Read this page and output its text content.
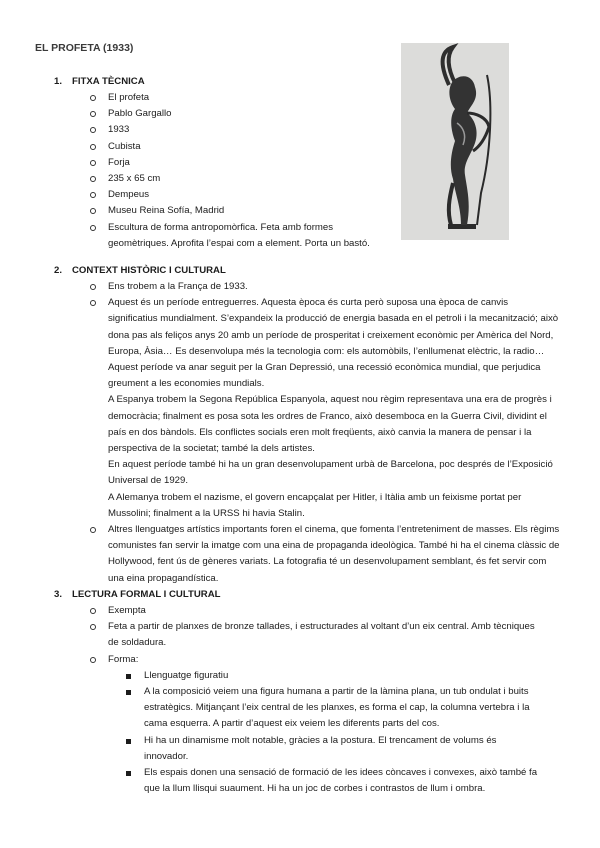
EL PROFETA (1933)
1. FITXA TÈCNICA
El profeta
Pablo Gargallo
1933
Cubista
Forja
235 x 65 cm
Dempeus
Museu Reina Sofía, Madrid
Escultura de forma antropomòrfica. Feta amb formes geomètriques. Aprofita l’espai com a element. Porta un bastó.
2. CONTEXT HISTÒRIC I CULTURAL
Ens trobem a la França de 1933.
Aquest és un període entreguerres. Aquesta època és curta però suposa una època de canvis significatius mundialment. S’expandeix la producció de energia basada en el petroli i la mecanització; això dona pas als feliços anys 20 amb un període de prosperitat i creixement econòmic per Amèrica del Nord, Europa, Àsia… Es desenvolupa més la tecnologia com: els automòbils, l’enllumenat elèctric, la radio… Aquest període va anar seguit per la Gran Depressió, una recessió econòmica mundial, que perjudica greument a les economies mundials.
A Espanya trobem la Segona República Espanyola, aquest nou règim representava una era de progrès i democràcia; finalment es posa sota les ordres de Franco, això desemboca en la Guerra Civil, dividint el país en dos bàndols. Els conflictes socials eren molt freqüents, això canvia la manera de pensar i la perspectiva de la societat; també la dels artistes.
En aquest període també hi ha un gran desenvolupament urbà de Barcelona, poc després de l’Exposició Universal de 1929.
A Alemanya trobem el nazisme, el govern encapçalat per Hitler, i Itàlia amb un feixisme portat per Mussolini; finalment a la URSS hi havia Stalin.
Altres llenguatges artístics importants foren el cinema, que fomenta l’entreteniment de masses. Els règims comunistes fan servir la imatge com una eina de propaganda ideològica. També hi ha el cinema clàssic de Hollywood, fent ús de gèneres variats. La fotografia té un desenvolupament semblant, és fet servir com una eina propagandística.
3. LECTURA FORMAL I CULTURAL
Exempta
Feta a partir de planxes de bronze tallades, i estructurades al voltant d’un eix central. Amb tècniques de soldadura.
Forma:
Llenguatge figuratiu
A la composició veiem una figura humana a partir de la làmina plana, un tub ondulat i buits estratègics. Mitjançant l’eix central de les planxes, es forma el cap, la columna vertebra i la cama esquerra. A partir d’aquest eix veiem les diferents parts del cos.
Hi ha un dinamisme molt notable, gràcies a la postura. El trencament de volums és innovador.
Els espais donen una sensació de formació de les idees còncaves i convexes, això també fa que la llum llisqui suaument. Hi ha un joc de corbes i contrastos de llum i ombra.
